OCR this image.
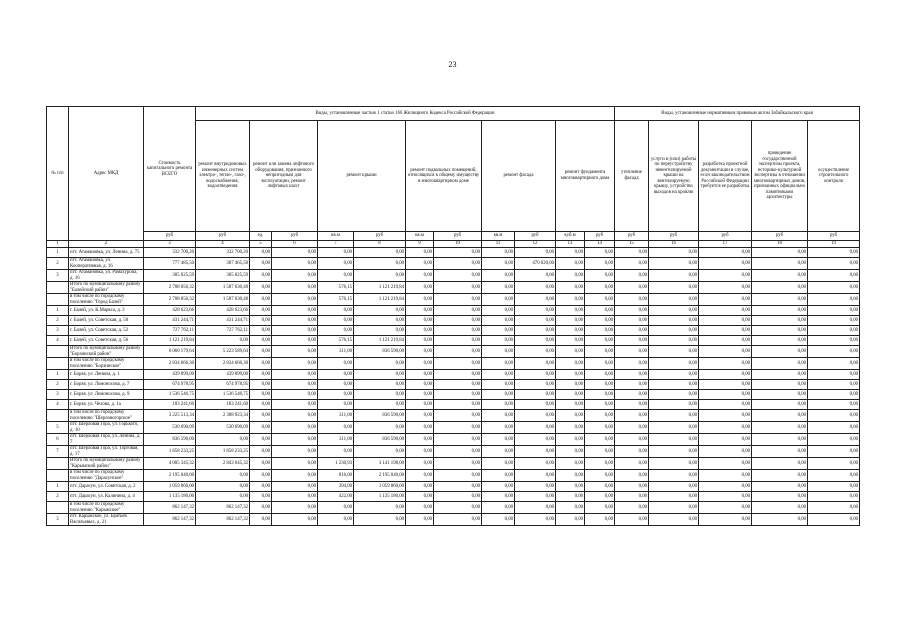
23
№ п/п	Адрес МКД	Стоимость капитального ремонта ВСЕГО	Виды, установленные частью 1 статьи 166 Жилищного Кодекса Российской Федерации											Виды, установленные нормативным правовым актом Забайкальского края				
			ремонт внутридомовых инженерных систем электро-, тепло-, газо-, водоснабжения, водоотведения	ремонт или замена лифтового оборудования, признанного непригодным для эксплуатации, ремонт лифтовых шахт		ремонт крыши		ремонт подвальных помещений, относящихся к общему имуществу в многоквартирном доме		ремонт фасада		ремонт фундамента многоквартирного дома		утепление фасада	услуги и (или) работы по переустройству невентилируемой крыши на вентилируемую крышу, устройство выходов на кровлю	разработка проектной документации в случае, если законодательством Российской Федерации требуется ее разработка	проведение государственной экспертизы проекта, историко-культурной экспертизы в отношении многоквартирных домов, признанных официально памятниками архитектуры	осуществление строительного контроля
		руб	руб	ед.	руб	кв.м	руб	кв.м	руб	кв.м	руб	куб.м	руб	руб	руб	руб	руб	руб
1	2	3	4	5	6	7	8	9	10	11	12	13	14	15	16	17	18	19
1	пгт. Атамановка, ул. Ленина, д. 75	332 700,20	332 700,20	0,00	0,00	0,00	0,00	0,00	0,00	0,00	0,00	0,00	0,00	0,00	0,00	0,00	0,00	0,00
2	пгт. Атамановка, ул. Кооперативная, д. 16	777 485,50	307 465,50	0,00	0,00	0,00	0,00	0,00	0,00	0,00	470 020,00	0,00	0,00	0,00	0,00	0,00	0,00	0,00
3	пгт. Атамановка, ул. Рамахуроиа, д. 16	305 825,59	305 825,59	0,00	0,00	0,00	0,00	0,00	0,00	0,00	0,00	0,00	0,00	0,00	0,00	0,00	0,00	0,00
	Итого по муниципальному району "Балейский район"	2 708 850,32	1 587 630,48	0,00	0,00	576,15	1 121 219,84	0,00	0,00	0,00	0,00	0,00	0,00	0,00	0,00	0,00	0,00	0,00
	в том числе по городскому поселению "Город Балей"	2 708 850,32	1 587 630,48	0,00	0,00	576,15	1 121 219,84	0,00	0,00	0,00	0,00	0,00	0,00	0,00	0,00	0,00	0,00	0,00
1	г. Балей, ул. К.Маркса, д. 3	428 623,66	428 623,66	0,00	0,00	0,00	0,00	0,00	0,00	0,00	0,00	0,00	0,00	0,00	0,00	0,00	0,00	0,00
2	г. Балей, ул. Советская, д. 50	431 244,71	431 244,71	0,00	0,00	0,00	0,00	0,00	0,00	0,00	0,00	0,00	0,00	0,00	0,00	0,00	0,00	0,00
3	г. Балей, ул. Советская, д. 52	727 762,11	727 762,11	0,00	0,00	0,00	0,00	0,00	0,00	0,00	0,00	0,00	0,00	0,00	0,00	0,00	0,00	0,00
4	г. Балей, ул. Советская, д. 56	1 121 219,84	0,00	0,00	0,00	576,15	1 121 219,84	0,00	0,00	0,00	0,00	0,00	0,00	0,00	0,00	0,00	0,00	0,00
	Итого по муниципальному району "Борзинский район"	6 060 179,64	5 223 589,64	0,00	0,00	311,00	836 590,00	0,00	0,00	0,00	0,00	0,00	0,00	0,00	0,00	0,00	0,00	0,00
	в том числе по городскому поселению "Борзинское"	2 834 666,30	2 834 666,30	0,00	0,00	0,00	0,00	0,00	0,00	0,00	0,00	0,00	0,00	0,00	0,00	0,00	0,00	0,00
1	г. Борзя, ул. Ленина, д. 1	439 899,00	439 899,00	0,00	0,00	0,00	0,00	0,00	0,00	0,00	0,00	0,00	0,00	0,00	0,00	0,00	0,00	0,00
2	г. Борзя, ул. Ломоносова, д. 7	674 978,95	674 978,95	0,00	0,00	0,00	0,00	0,00	0,00	0,00	0,00	0,00	0,00	0,00	0,00	0,00	0,00	0,00
3	г. Борзя, ул. Ломоносова, д. 9	1 536 546,75	1 536 546,75	0,00	0,00	0,00	0,00	0,00	0,00	0,00	0,00	0,00	0,00	0,00	0,00	0,00	0,00	0,00
4	г. Борзя, ул. Чехова, д. 1а	183 241,60	183 241,60	0,00	0,00	0,00	0,00	0,00	0,00	0,00	0,00	0,00	0,00	0,00	0,00	0,00	0,00	0,00
	в том числе по городскому поселению "Шерловогорское"	3 225 513,34	2 388 923,34	0,00	0,00	311,00	836 590,00	0,00	0,00	0,00	0,00	0,00	0,00	0,00	0,00	0,00	0,00	0,00
5	пгт. Шерловая Гора, ул. Горького, д. 10	530 690,09	530 690,09	0,00	0,00	0,00	0,00	0,00	0,00	0,00	0,00	0,00	0,00	0,00	0,00	0,00	0,00	0,00
6	пгт. Шерловая Гора, ул. Ленина, д. 7	836 590,00	0,00	0,00	0,00	311,00	836 590,00	0,00	0,00	0,00	0,00	0,00	0,00	0,00	0,00	0,00	0,00	0,00
7	пгт. Шерловая Гора, ул. Торговая, д. 17	1 858 233,25	1 858 233,25	0,00	0,00	0,00	0,00	0,00	0,00	0,00	0,00	0,00	0,00	0,00	0,00	0,00	0,00	0,00
	Итого по муниципальному району "Карымский район"	4 005 345,32	2 843 645,32	0,00	0,00	1 230,93	3 141 198,00	0,00	0,00	0,00	0,00	0,00	0,00	0,00	0,00	0,00	0,00	0,00
	в том числе по городскому поселению "Дарасунское"	2 195 040,00	0,00	0,00	0,00	816,00	2 195 040,00	0,00	0,00	0,00	0,00	0,00	0,00	0,00	0,00	0,00	0,00	0,00
1	пгт. Дарасун, ул. Советская, д. 2	1 059 860,00	0,00	0,00	0,00	394,00	1 059 860,00	0,00	0,00	0,00	0,00	0,00	0,00	0,00	0,00	0,00	0,00	0,00
2	пгт. Дарасун, ул. Калинина, д. 4	1 135 180,00	0,00	0,00	0,00	422,00	1 135 180,00	0,00	0,00	0,00	0,00	0,00	0,00	0,00	0,00	0,00	0,00	0,00
	в том числе по городскому поселению "Карымское"	862 147,32	862 147,32	0,00	0,00	0,00	0,00	0,00	0,00	0,00	0,00	0,00	0,00	0,00	0,00	0,00	0,00	0,00
3	пгт. Карымское, ул. Братьев Васильевых, д. 21	862 147,32	862 147,32	0,00	0,00	0,00	0,00	0,00	0,00	0,00	0,00	0,00	0,00	0,00	0,00	0,00	0,00	0,00
